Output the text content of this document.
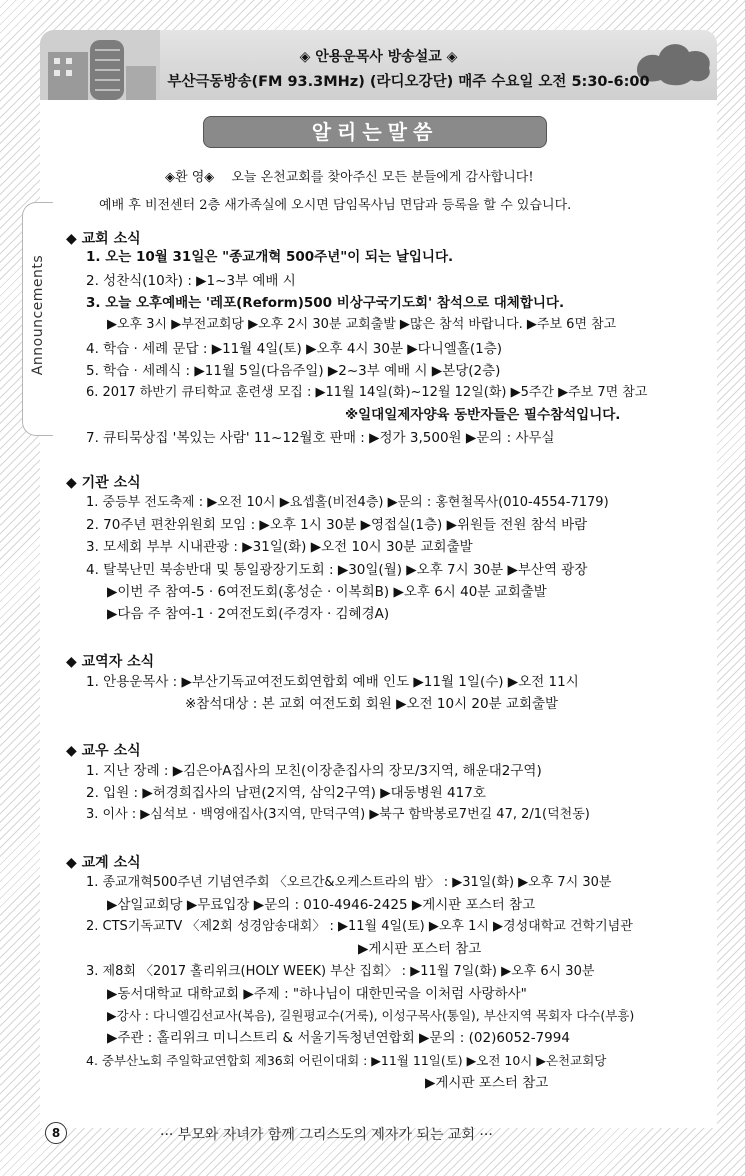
◈ 안용운목사 방송설교 ◈
부산극동방송(FM 93.3MHz) (라디오강단) 매주 수요일 오전 5:30-6:00
Announcements
알리는말씀
◈환 영◈　 오늘 온천교회를 찾아주신 모든 분들에게 감사합니다!
예배 후 비전센터 2층 새가족실에 오시면 담임목사님 면담과 등록을 할 수 있습니다.
◆ 교회 소식
1. 오는 10월 31일은 "종교개혁 500주년"이 되는 날입니다.
2. 성찬식(10차) : ▶1~3부 예배 시
3. 오늘 오후예배는 '레포(Reform)500 비상구국기도회' 참석으로 대체합니다.
▶오후 3시 ▶부전교회당 ▶오후 2시 30분 교회출발 ▶많은 참석 바랍니다. ▶주보 6면 참고
4. 학습 · 세례 문답 : ▶11월 4일(토) ▶오후 4시 30분 ▶다니엘홀(1층)
5. 학습 · 세례식 : ▶11월 5일(다음주일) ▶2~3부 예배 시 ▶본당(2층)
6. 2017 하반기 큐티학교 훈련생 모집 : ▶11월 14일(화)~12월 12일(화) ▶5주간 ▶주보 7면 참고
※일대일제자양육 동반자들은 필수참석입니다.
7. 큐티묵상집 '복있는 사람' 11~12월호 판매 : ▶정가 3,500원 ▶문의 : 사무실
◆ 기관 소식
1. 중등부 전도축제 : ▶오전 10시 ▶요셉홀(비전4층) ▶문의 : 홍현철목사(010-4554-7179)
2. 70주년 편찬위원회 모임 : ▶오후 1시 30분 ▶영접실(1층) ▶위원들 전원 참석 바람
3. 모세회 부부 시내관광 : ▶31일(화) ▶오전 10시 30분 교회출발
4. 탈북난민 북송반대 및 통일광장기도회 : ▶30일(월) ▶오후 7시 30분 ▶부산역 광장
▶이번 주 참여-5 · 6여전도회(홍성순 · 이복희B) ▶오후 6시 40분 교회출발
▶다음 주 참여-1 · 2여전도회(주경자 · 김혜경A)
◆ 교역자 소식
1. 안용운목사 : ▶부산기독교여전도회연합회 예배 인도 ▶11월 1일(수) ▶오전 11시
※참석대상 : 본 교회 여전도회 회원 ▶오전 10시 20분 교회출발
◆ 교우 소식
1. 지난 장례 : ▶김은아A집사의 모친(이장춘집사의 장모/3지역, 해운대2구역)
2. 입원 : ▶허경희집사의 남편(2지역, 삼익2구역) ▶대동병원 417호
3. 이사 : ▶심석보 · 백영애집사(3지역, 만덕구역) ▶북구 함박봉로7번길 47, 2/1(덕천동)
◆ 교계 소식
1. 종교개혁500주년 기념연주회 〈오르간&오케스트라의 밤〉 : ▶31일(화) ▶오후 7시 30분
▶삼일교회당 ▶무료입장 ▶문의 : 010-4946-2425 ▶게시판 포스터 참고
2. CTS기독교TV 〈제2회 성경암송대회〉 : ▶11월 4일(토) ▶오후 1시 ▶경성대학교 건학기념관
▶게시판 포스터 참고
3. 제8회 〈2017 홀리위크(HOLY WEEK) 부산 집회〉 : ▶11월 7일(화) ▶오후 6시 30분
▶동서대학교 대학교회 ▶주제 : "하나님이 대한민국을 이처럼 사랑하사"
▶강사 : 다니엘김선교사(복음), 길원평교수(거룩), 이성구목사(통일), 부산지역 목회자 다수(부흥)
▶주관 : 홀리위크 미니스트리 & 서울기독청년연합회 ▶문의 : (02)6052-7994
4. 중부산노회 주일학교연합회 제36회 어린이대회 : ▶11월 11일(토) ▶오전 10시 ▶온천교회당
▶게시판 포스터 참고
8	··· 부모와 자녀가 함께 그리스도의 제자가 되는 교회 ···
